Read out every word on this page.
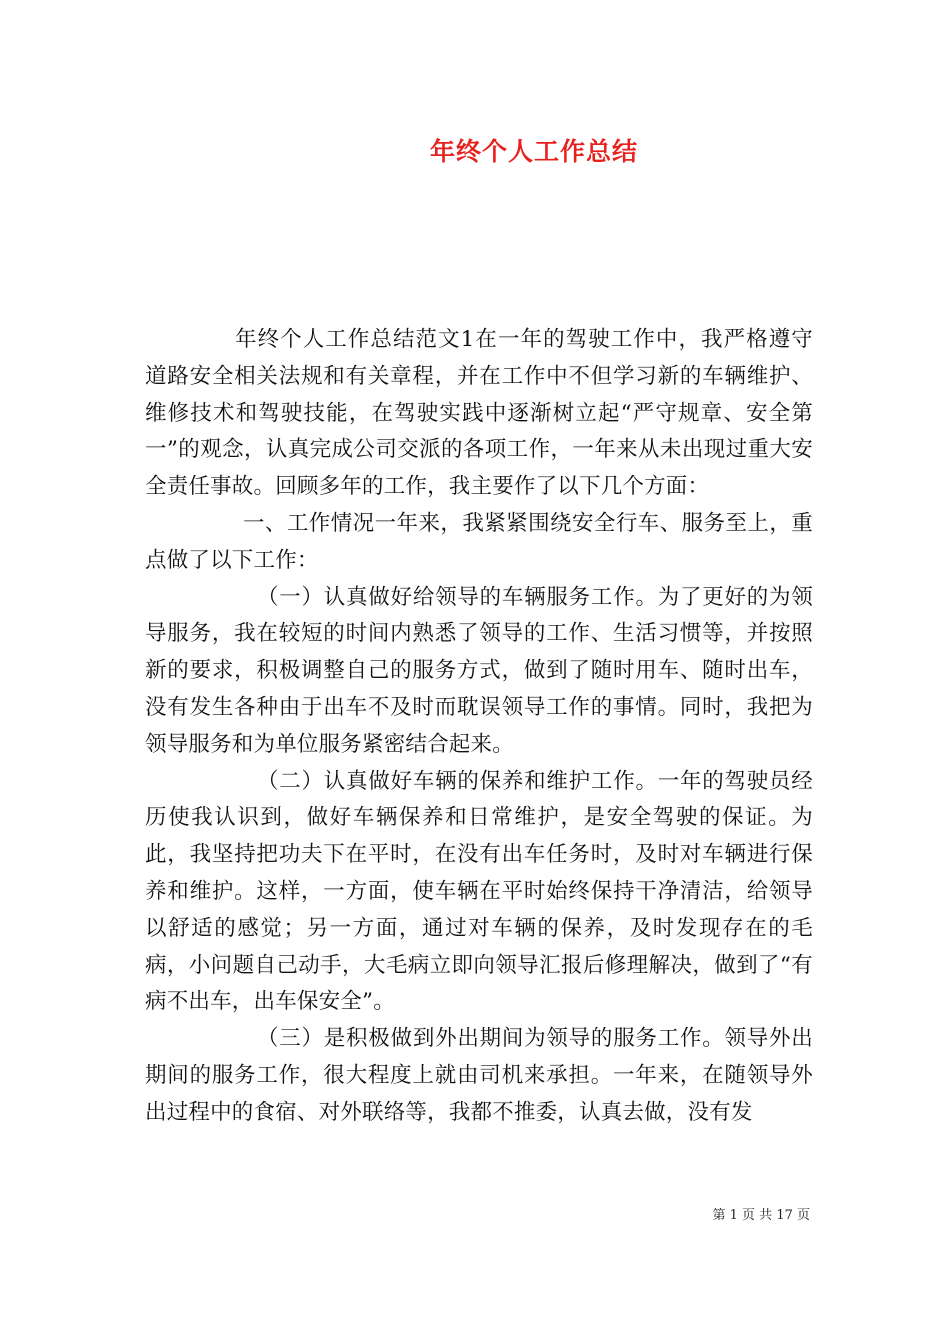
年终个人工作总结

年终个人工作总结范文1在一年的驾驶工作中，我严格遵守道路安全相关法规和有关章程，并在工作中不但学习新的车辆维护、维修技术和驾驶技能，在驾驶实践中逐渐树立起“严守规章、安全第一”的观念，认真完成公司交派的各项工作，一年来从未出现过重大安全责任事故。回顾多年的工作，我主要作了以下几个方面：

一、工作情况一年来，我紧紧围绕安全行车、服务至上，重点做了以下工作：

（一）认真做好给领导的车辆服务工作。为了更好的为领导服务，我在较短的时间内熟悉了领导的工作、生活习惯等，并按照新的要求，积极调整自己的服务方式，做到了随时用车、随时出车，没有发生各种由于出车不及时而耽误领导工作的事情。同时，我把为领导服务和为单位服务紧密结合起来。

（二）认真做好车辆的保养和维护工作。一年的驾驶员经历使我认识到，做好车辆保养和日常维护，是安全驾驶的保证。为此，我坚持把功夫下在平时，在没有出车任务时，及时对车辆进行保养和维护。这样，一方面，使车辆在平时始终保持干净清洁，给领导以舒适的感觉；另一方面，通过对车辆的保养，及时发现存在的毛病，小问题自己动手，大毛病立即向领导汇报后修理解决，做到了“有病不出车，出车保安全”。

（三）是积极做到外出期间为领导的服务工作。领导外出期间的服务工作，很大程度上就由司机来承担。一年来，在随领导外出过程中的食宿、对外联络等，我都不推委，认真去做，没有发

第 1 页 共 17 页
